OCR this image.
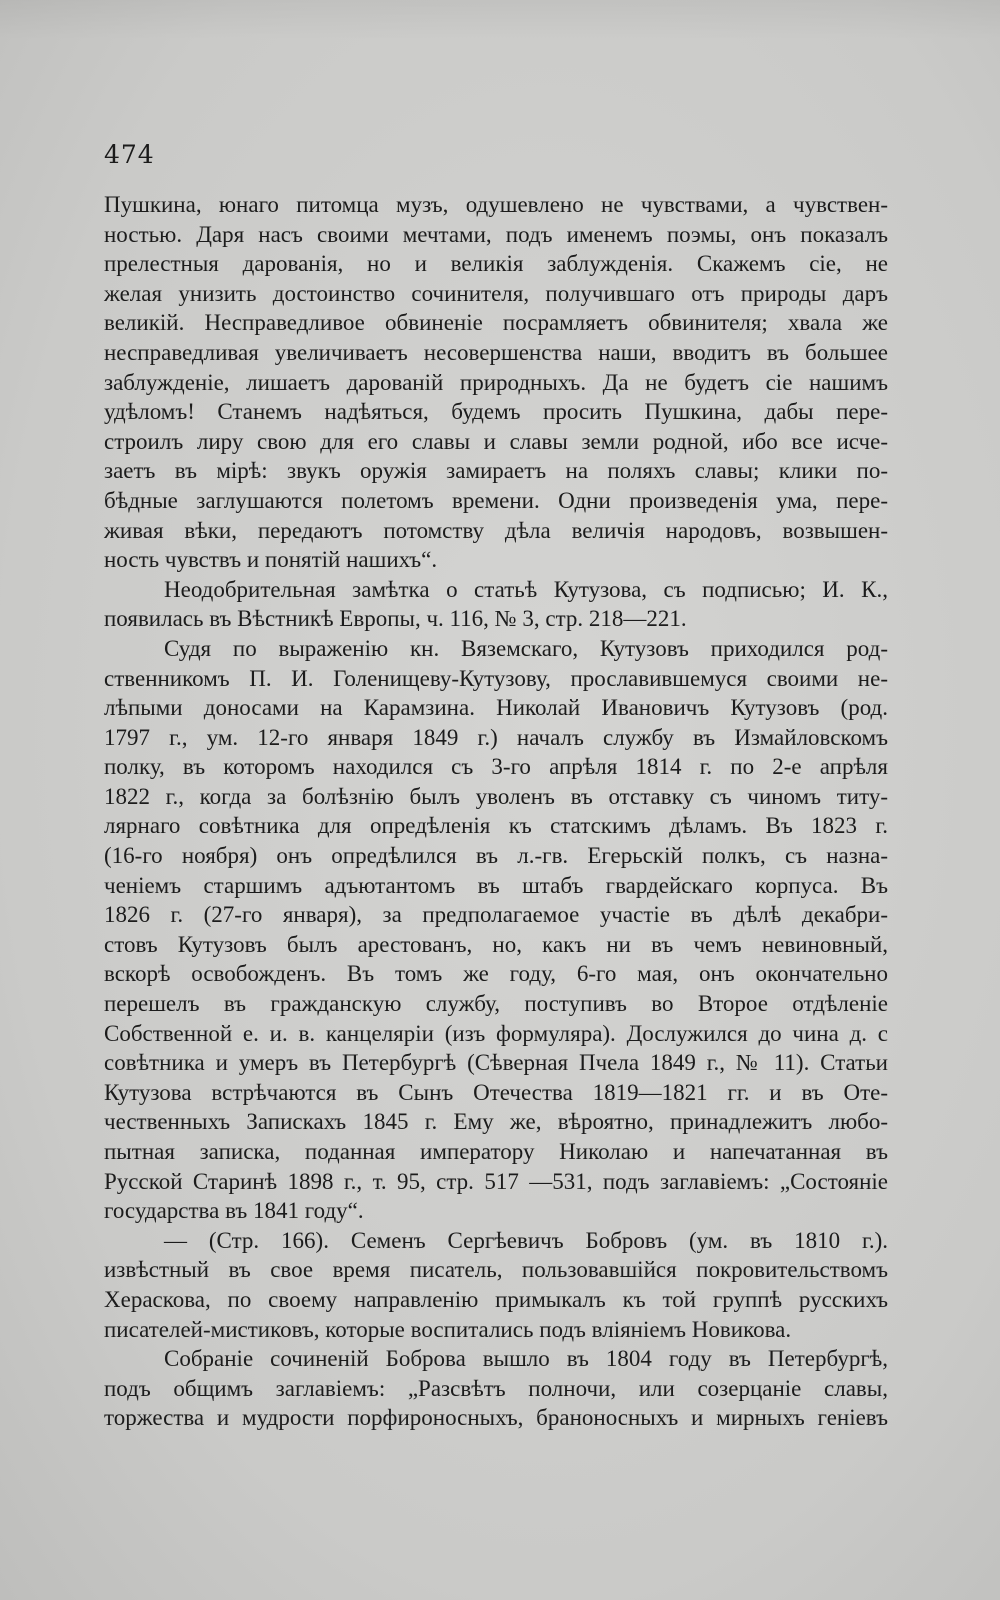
474
Пушкина, юнаго питомца музъ, одушевлено не чувствами, а чувствен-
ностью. Даря насъ своими мечтами, подъ именемъ поэмы, онъ показалъ
прелестныя дарованія, но и великія заблужденія. Скажемъ сіе, не
желая унизить достоинство сочинителя, получившаго отъ природы даръ
великій. Несправедливое обвиненіе посрамляетъ обвинителя; хвала же
несправедливая увеличиваетъ несовершенства наши, вводитъ въ большее
заблужденіе, лишаетъ дарованій природныхъ. Да не будетъ сіе нашимъ
удѣломъ! Станемъ надѣяться, будемъ просить Пушкина, дабы пере-
строилъ лиру свою для его славы и славы земли родной, ибо все исче-
заетъ въ мірѣ: звукъ оружія замираетъ на поляхъ славы; клики по-
бѣдные заглушаются полетомъ времени. Одни произведенія ума, пере-
живая вѣки, передаютъ потомству дѣла величія народовъ, возвышен-
ность чувствъ и понятій нашихъ“.
Неодобрительная замѣтка о статьѣ Кутузова, съ подписью; И. К.,
появилась въ Вѣстникѣ Европы, ч. 116, № 3, стр. 218—221.
Судя по выраженію кн. Вяземскаго, Кутузовъ приходился род-
ственникомъ П. И. Голенищеву-Кутузову, прославившемуся своими не-
лѣпыми доносами на Карамзина. Николай Ивановичъ Кутузовъ (род.
1797 г., ум. 12-го января 1849 г.) началъ службу въ Измайловскомъ
полку, въ которомъ находился съ 3-го апрѣля 1814 г. по 2-е апрѣля
1822 г., когда за болѣзнію былъ уволенъ въ отставку съ чиномъ титу-
лярнаго совѣтника для опредѣленія къ статскимъ дѣламъ. Въ 1823 г.
(16-го ноября) онъ опредѣлился въ л.-гв. Егерьскій полкъ, съ назна-
ченіемъ старшимъ адъютантомъ въ штабъ гвардейскаго корпуса. Въ
1826 г. (27-го января), за предполагаемое участіе въ дѣлѣ декабри-
стовъ Кутузовъ былъ арестованъ, но, какъ ни въ чемъ невиновный,
вскорѣ освобожденъ. Въ томъ же году, 6-го мая, онъ окончательно
перешелъ въ гражданскую службу, поступивъ во Второе отдѣленіе
Собственной е. и. в. канцеляріи (изъ формуляра). Дослужился до чина д. с
совѣтника и умеръ въ Петербургѣ (Сѣверная Пчела 1849 г., № 11). Статьи
Кутузова встрѣчаются въ Сынъ Отечества 1819—1821 гг. и въ Оте-
чественныхъ Запискахъ 1845 г. Ему же, вѣроятно, принадлежитъ любо-
пытная записка, поданная императору Николаю и напечатанная въ
Русской Старинѣ 1898 г., т. 95, стр. 517 —531, подъ заглавіемъ: „Состояніе
государства въ 1841 году“.
— (Стр. 166). Семенъ Сергѣевичъ Бобровъ (ум. въ 1810 г.).
извѣстный въ свое время писатель, пользовавшійся покровительствомъ
Хераскова, по своему направленію примыкалъ къ той группѣ русскихъ
писателей-мистиковъ, которые воспитались подъ вліяніемъ Новикова.
Собраніе сочиненій Боброва вышло въ 1804 году въ Петербургѣ,
подъ общимъ заглавіемъ: „Разсвѣтъ полночи, или созерцаніе славы,
торжества и мудрости порфироносныхъ, браноносныхъ и мирныхъ геніевъ
